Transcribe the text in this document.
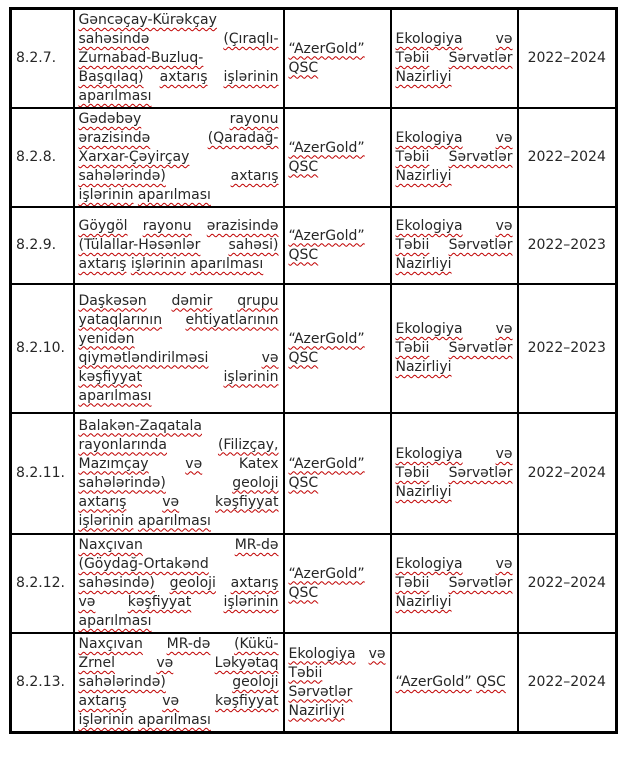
8.2.7.	
Gəncəçay-Kürəkçay
sahəsində	(Çıraqlı-
Zurnabad-Buzluq-
Başqılaq) axtarış işlərinin
aparılması

“AzerGold”
QSC

Ekologiya və
Təbii Sərvətlər
Nazirliyi
	2022–2024
8.2.8.	
Gədəbəy	rayonu
ərazisində	(Qaradağ-
Xarxar-Çəyirçay
sahələrində)	axtarış
işlərinin aparılması

“AzerGold”
QSC

Ekologiya və
Təbii Sərvətlər
Nazirliyi
	2022–2024
8.2.9.	
Göygöl rayonu ərazisində
(Tülallar-Həsənlər sahəsi)
axtarış işlərinin aparılması

“AzerGold”
QSC

Ekologiya və
Təbii Sərvətlər
Nazirliyi
	2022–2023
8.2.10.	
Daşkəsən dəmir qrupu
yataqlarının ehtiyatlarının
yenidən
qiymətləndirilməsi	və
kəşfiyyat	işlərinin
aparılması

“AzerGold”
QSC

Ekologiya və
Təbii Sərvətlər
Nazirliyi
	2022–2023
8.2.11.	
Balakən-Zaqatala
rayonlarında	(Filizçay,
Mazımçay	və	Katex
sahələrində)	geoloji
axtarış	və	kəşfiyyat
işlərinin aparılması

“AzerGold”
QSC

Ekologiya və
Təbii Sərvətlər
Nazirliyi
	2022–2024
8.2.12.	
Naxçıvan	MR-də
(Göydağ-Ortakənd
sahəsində) geoloji axtarış
və kəşfiyyat işlərinin
aparılması

“AzerGold”
QSC

Ekologiya və
Təbii Sərvətlər
Nazirliyi
	2022–2024
8.2.13.	
Naxçıvan MR-də (Kükü-
Zrnel	və	Ləkyətaq
sahələrində)	geoloji
axtarış	və	kəşfiyyat
işlərinin aparılması

Ekologiya və
Təbii
Sərvətlər
Nazirliyi

“AzerGold” QSC	2022–2024
